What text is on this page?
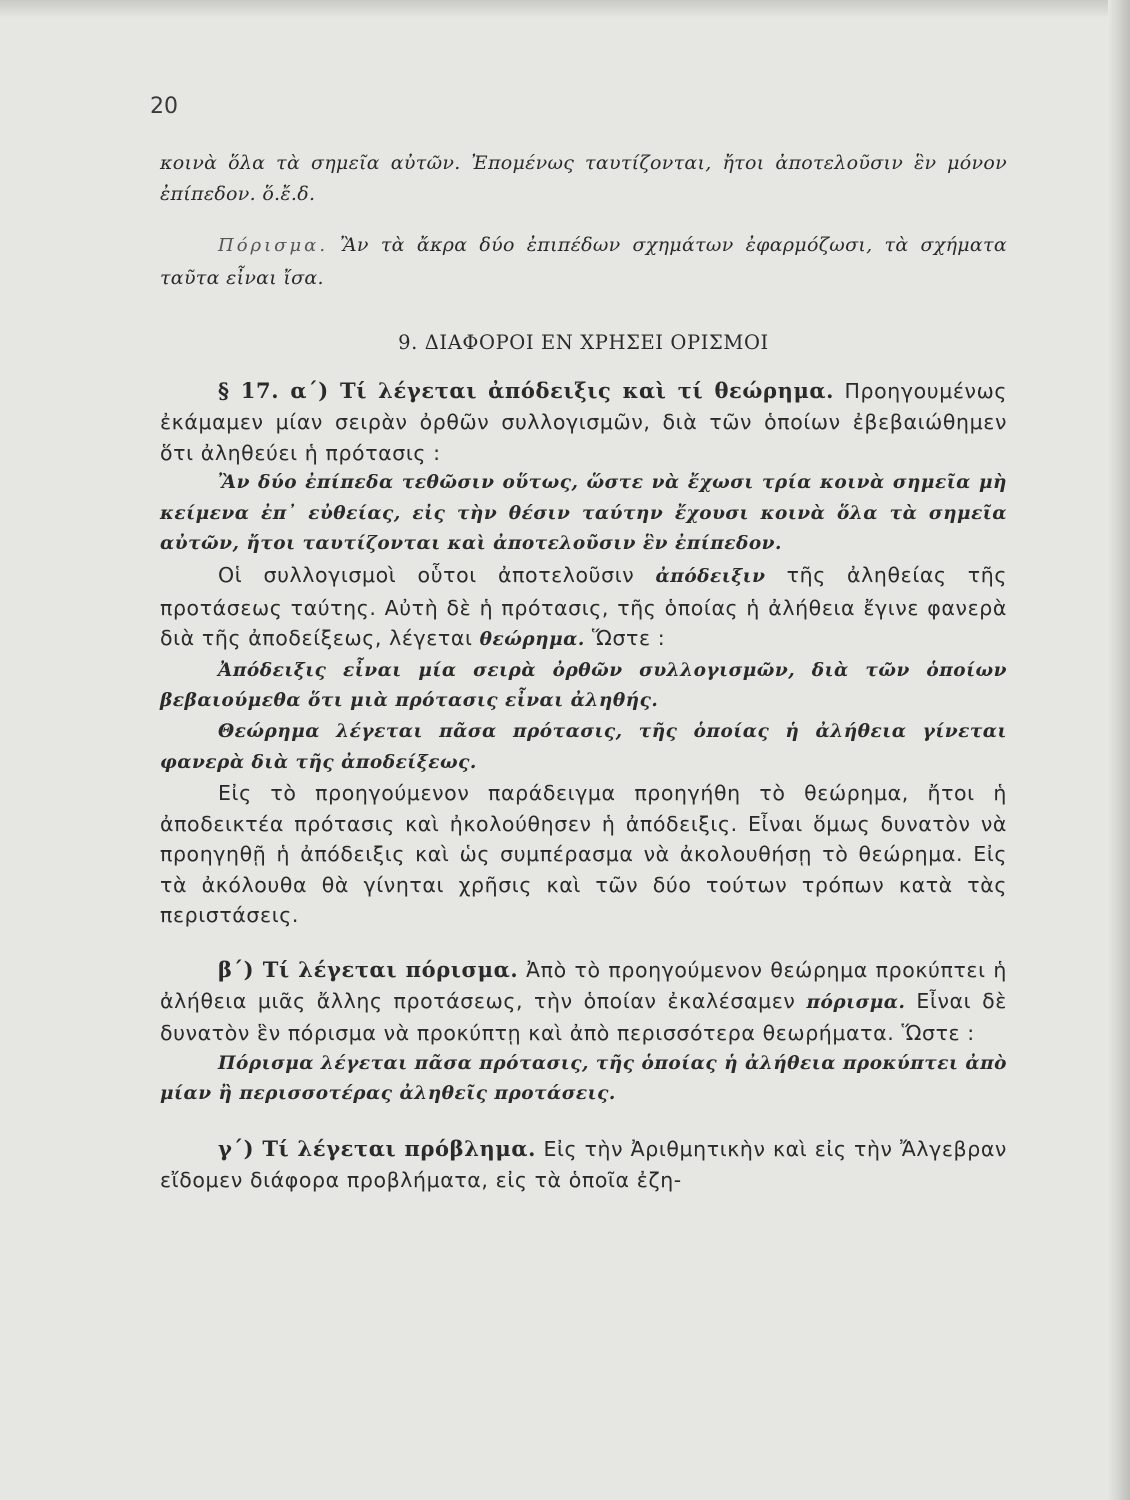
20

κοινὰ ὅλα τὰ σημεῖα αὐτῶν. Ἐπομένως ταυτίζονται, ἤτοι ἀποτελοῦσιν ἓν μόνον ἐπίπεδον. ὅ.ἔ.δ.

Πόρισμα. Ἂν τὰ ἄκρα δύο ἐπιπέδων σχημάτων ἐφαρμόζωσι, τὰ σχήματα ταῦτα εἶναι ἴσα.

9. ΔΙΑΦΟΡΟΙ ΕΝ ΧΡΗΣΕΙ ΟΡΙΣΜΟΙ

§ 17. α΄) Τί λέγεται ἀπόδειξις καὶ τί θεώρημα. Προηγουμένως ἐκάμαμεν μίαν σειρὰν ὀρθῶν συλλογισμῶν, διὰ τῶν ὁποίων ἐβεβαιώθημεν ὅτι ἀληθεύει ἡ πρότασις :

Ἂν δύο ἐπίπεδα τεθῶσιν οὕτως, ὥστε νὰ ἔχωσι τρία κοινὰ σημεῖα μὴ κείμενα ἐπ᾿ εὐθείας, εἰς τὴν θέσιν ταύτην ἔχουσι κοινὰ ὅλα τὰ σημεῖα αὐτῶν, ἤτοι ταυτίζονται καὶ ἀποτελοῦσιν ἓν ἐπίπεδον.

Οἱ συλλογισμοὶ οὗτοι ἀποτελοῦσιν ἀπόδειξιν τῆς ἀληθείας τῆς προτάσεως ταύτης. Αὐτὴ δὲ ἡ πρότασις, τῆς ὁποίας ἡ ἀλήθεια ἔγινε φανερὰ διὰ τῆς ἀποδείξεως, λέγεται θεώρημα. Ὥστε :

Ἀπόδειξις εἶναι μία σειρὰ ὀρθῶν συλλογισμῶν, διὰ τῶν ὁποίων βεβαιούμεθα ὅτι μιὰ πρότασις εἶναι ἀληθής.

Θεώρημα λέγεται πᾶσα πρότασις, τῆς ὁποίας ἡ ἀλήθεια γίνεται φανερὰ διὰ τῆς ἀποδείξεως.

Εἰς τὸ προηγούμενον παράδειγμα προηγήθη τὸ θεώρημα, ἤτοι ἡ ἀποδεικτέα πρότασις καὶ ἠκολούθησεν ἡ ἀπόδειξις. Εἶναι ὅμως δυνατὸν νὰ προηγηθῇ ἡ ἀπόδειξις καὶ ὡς συμπέρασμα νὰ ἀκολουθήσῃ τὸ θεώρημα. Εἰς τὰ ἀκόλουθα θὰ γίνηται χρῆσις καὶ τῶν δύο τούτων τρόπων κατὰ τὰς περιστάσεις.

β΄) Τί λέγεται πόρισμα. Ἀπὸ τὸ προηγούμενον θεώρημα προκύπτει ἡ ἀλήθεια μιᾶς ἄλλης προτάσεως, τὴν ὁποίαν ἐκαλέσαμεν πόρισμα. Εἶναι δὲ δυνατὸν ἓν πόρισμα νὰ προκύπτῃ καὶ ἀπὸ περισσότερα θεωρήματα. Ὥστε :

Πόρισμα λέγεται πᾶσα πρότασις, τῆς ὁποίας ἡ ἀλήθεια προκύπτει ἀπὸ μίαν ἢ περισσοτέρας ἀληθεῖς προτάσεις.

γ΄) Τί λέγεται πρόβλημα. Εἰς τὴν Ἀριθμητικὴν καὶ εἰς τὴν Ἄλγεβραν εἴδομεν διάφορα προβλήματα, εἰς τὰ ὁποῖα ἐζη-
